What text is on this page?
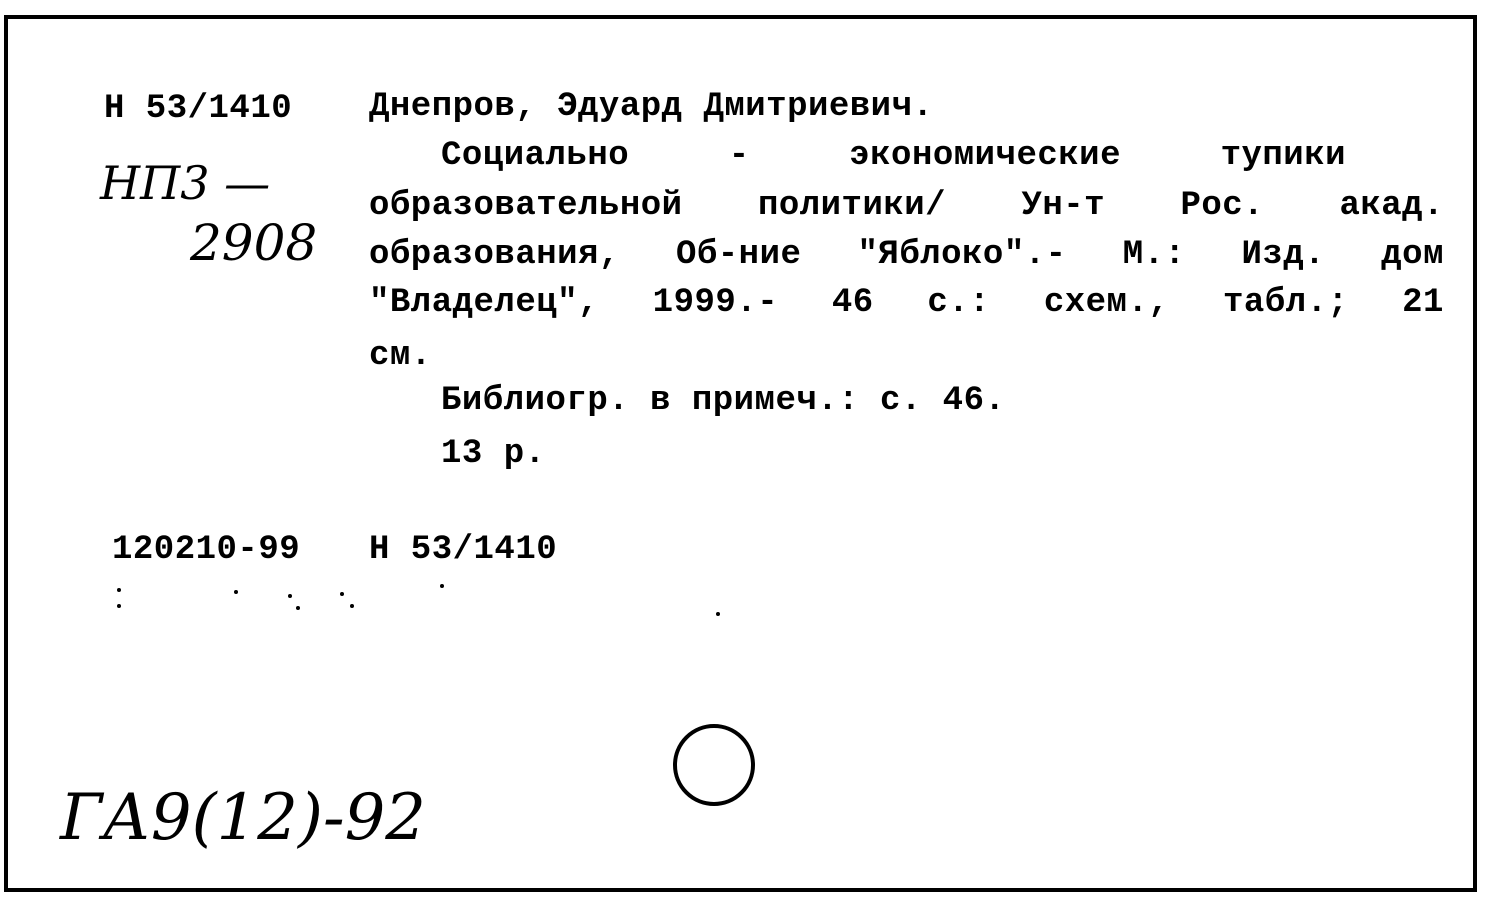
Н 53/1410 Днепров, Эдуард Дмитриевич.
Социально	-	экономические	тупики
образовательной политики/ Ун-т Рос. акад.
образования, Об-ние "Яблоко".- М.: Изд. дом
"Владелец", 1999.- 46 с.: схем., табл.; 21
см.
Библиогр. в примеч.: с. 46.
13 р.
120210-99 Н 53/1410
НП3 —
2908
ГА9(12)-92
